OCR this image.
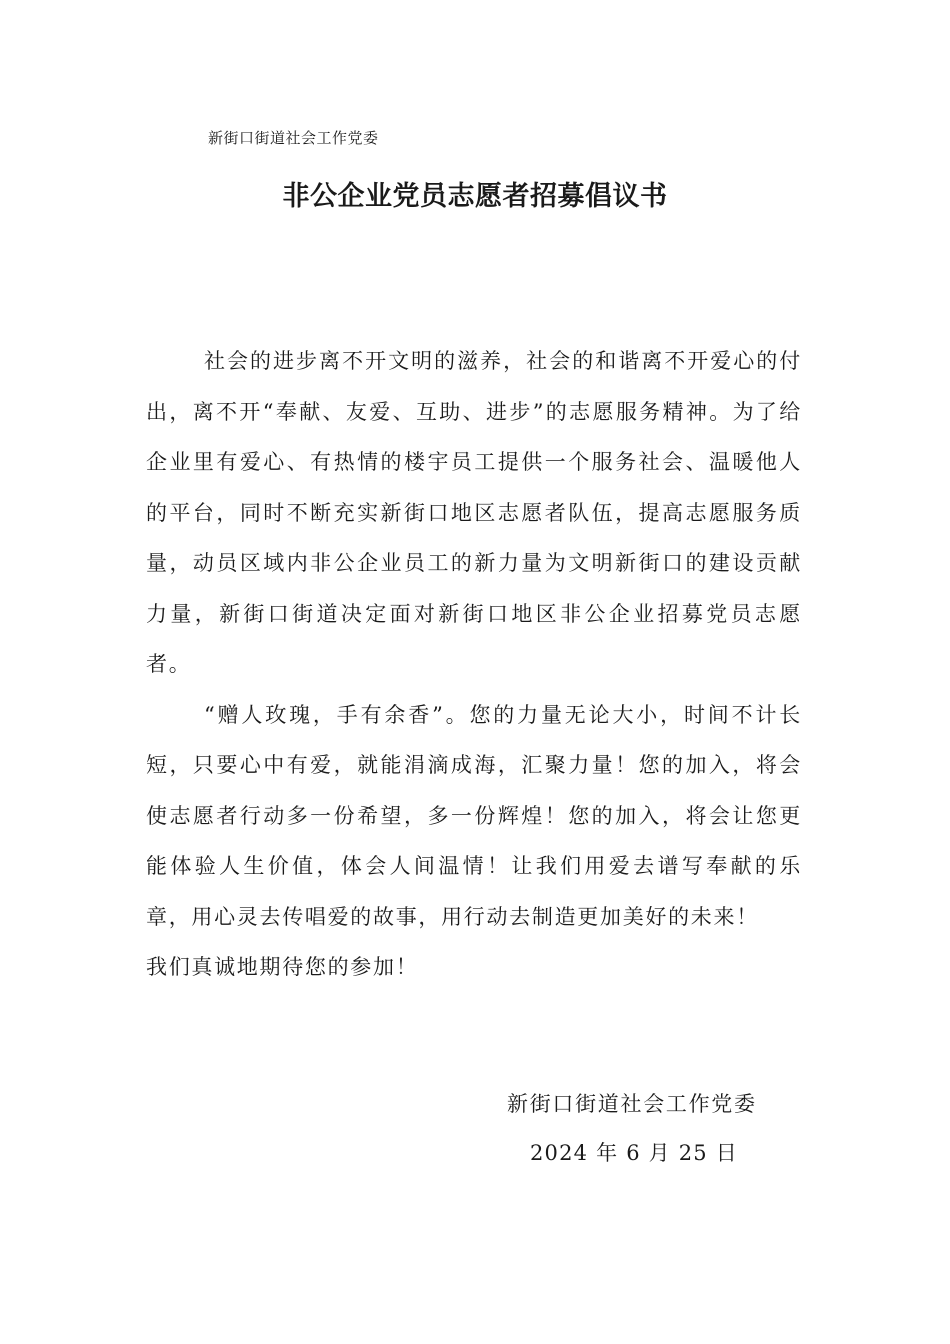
新街口街道社会工作党委
非公企业党员志愿者招募倡议书

社会的进步离不开文明的滋养，社会的和谐离不开爱心的付出，离不开“奉献、友爱、互助、进步”的志愿服务精神。为了给企业里有爱心、有热情的楼宇员工提供一个服务社会、温暖他人的平台，同时不断充实新街口地区志愿者队伍，提高志愿服务质量，动员区域内非公企业员工的新力量为文明新街口的建设贡献力量，新街口街道决定面对新街口地区非公企业招募党员志愿者。

“赠人玫瑰，手有余香”。您的力量无论大小，时间不计长短，只要心中有爱，就能涓滴成海，汇聚力量！您的加入，将会使志愿者行动多一份希望，多一份辉煌！您的加入，将会让您更能体验人生价值，体会人间温情！让我们用爱去谱写奉献的乐章，用心灵去传唱爱的故事，用行动去制造更加美好的未来！

我们真诚地期待您的参加！

新街口街道社会工作党委
2024 年 6 月 25 日
